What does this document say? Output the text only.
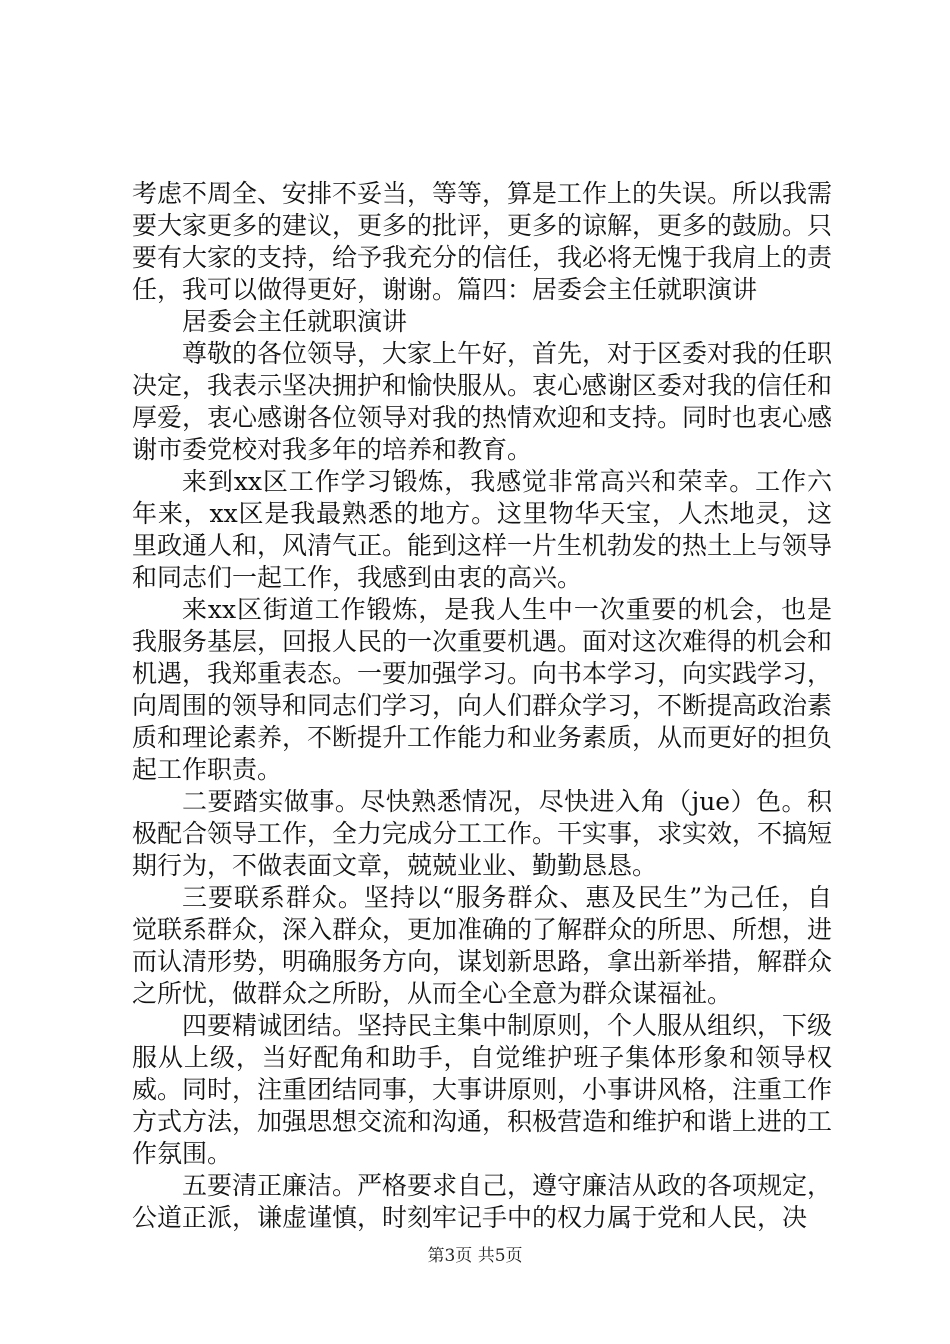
考虑不周全、安排不妥当，等等，算是工作上的失误。所以我需要大家更多的建议，更多的批评，更多的谅解，更多的鼓励。只要有大家的支持，给予我充分的信任，我必将无愧于我肩上的责任，我可以做得更好，谢谢。篇四：居委会主任就职演讲

居委会主任就职演讲

尊敬的各位领导，大家上午好，首先，对于区委对我的任职决定，我表示坚决拥护和愉快服从。衷心感谢区委对我的信任和厚爱，衷心感谢各位领导对我的热情欢迎和支持。同时也衷心感谢市委党校对我多年的培养和教育。

来到xx区工作学习锻炼，我感觉非常高兴和荣幸。工作六年来，xx区是我最熟悉的地方。这里物华天宝，人杰地灵，这里政通人和，风清气正。能到这样一片生机勃发的热土上与领导和同志们一起工作，我感到由衷的高兴。

来xx区街道工作锻炼，是我人生中一次重要的机会，也是我服务基层，回报人民的一次重要机遇。面对这次难得的机会和机遇，我郑重表态。一要加强学习。向书本学习，向实践学习，向周围的领导和同志们学习，向人们群众学习，不断提高政治素质和理论素养，不断提升工作能力和业务素质，从而更好的担负起工作职责。

二要踏实做事。尽快熟悉情况，尽快进入角（jue）色。积极配合领导工作，全力完成分工工作。干实事，求实效，不搞短期行为，不做表面文章，兢兢业业、勤勤恳恳。

三要联系群众。坚持以“服务群众、惠及民生”为己任，自觉联系群众，深入群众，更加准确的了解群众的所思、所想，进而认清形势，明确服务方向，谋划新思路，拿出新举措，解群众之所忧，做群众之所盼，从而全心全意为群众谋福祉。

四要精诚团结。坚持民主集中制原则，个人服从组织，下级服从上级，当好配角和助手，自觉维护班子集体形象和领导权威。同时，注重团结同事，大事讲原则，小事讲风格，注重工作方式方法，加强思想交流和沟通，积极营造和维护和谐上进的工作氛围。

五要清正廉洁。严格要求自己，遵守廉洁从政的各项规定，公道正派，谦虚谨慎，时刻牢记手中的权力属于党和人民，决

第3页 共5页
